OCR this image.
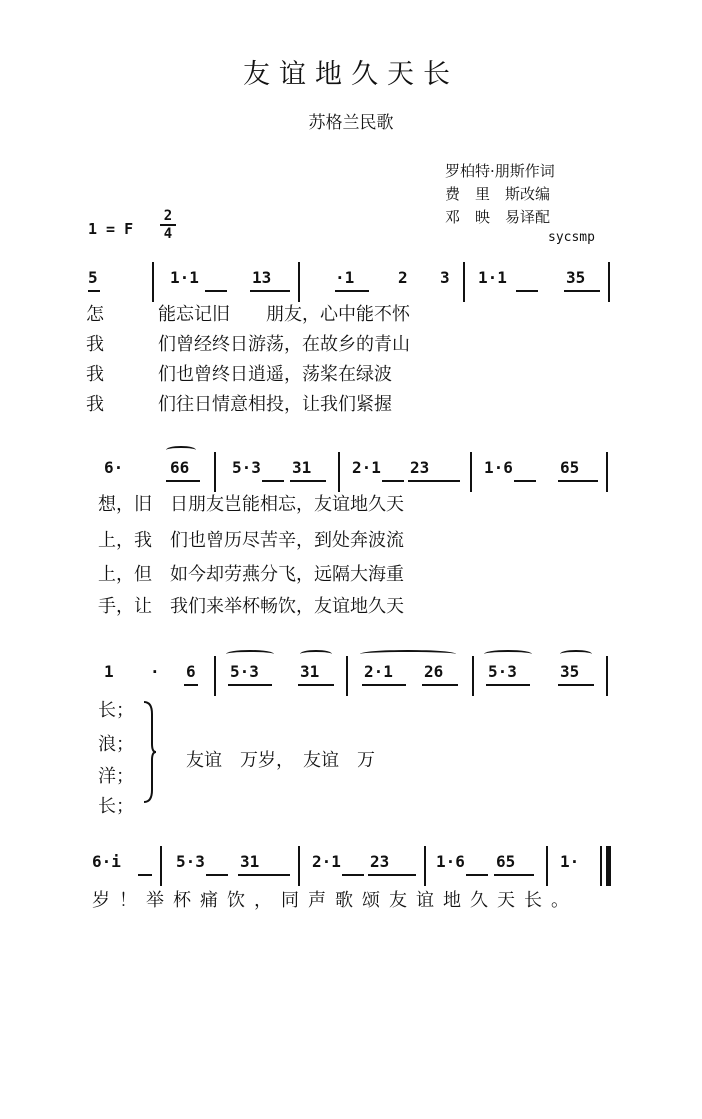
友谊地久天长
苏格兰民歌
罗柏特·朋斯作词
费　里　斯改编
邓　映　易译配
sycsmp
1 = F $\frac{2}{4}$
5	1·1	13	·1	2 3 1·1	35
怎　　　能忘记旧　　朋友，心中能不怀
我　　　们曾经终日游荡，在故乡的青山
我　　　们也曾终日逍遥，荡桨在绿波
我　　　们往日情意相投，让我们紧握
6·	66	5·3 31	2·1 23	1·6	65
想，旧　日朋友岂能相忘，友谊地久天
上，我　们也曾历尽苦辛，到处奔波流
上，但　如今却劳燕分飞，远隔大海重
手，让　我们来举杯畅饮，友谊地久天
1 · 6 5·3	31	2·1 26	5·3	35
长；
浪；
洋；
长；
友谊　万岁，　友谊　万
6·i	5·3 31	2·1 23	1·6 65	1·
岁！举杯痛饮，同声歌颂友谊地久天长。
